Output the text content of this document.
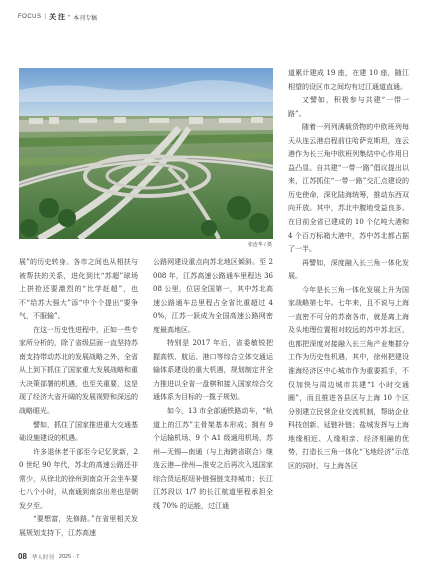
FOCUS | 关 注 • 本刊专稿
张连华 / 摄

展”的历史转身。各市之间也从相扶与被帮扶的关系，进化到比“苏超”球场上拼抢还要激烈的“比学赶超”，也不“给苏大强大”添“中个个提出“要争气，不服输”。

在这一历史性进程中，正如一些专家所分析的，除了省级层面一直坚持苏南支持带动苏北的发展战略之外，全省从上到下抓住了国家重大发展战略和重大决策部署的机遇，也至关重要，这是现了经济大省开阔的发展视野和深远的战略眼光。

譬如，抓住了国家推进重大交通基础设施建设的机遇。

许多退休老干部至今记忆犹新，20 世纪 90 年代，苏北的高速公路还非常少，从徐北的徐州到南京开会坐车要七八个小时，从南通到南京出差也是朝发夕至。

“要想富，先修路。”在省里相关发展规划支持下，江苏高速

公路网建设重点向苏北地区倾斜。至 2008 年，江苏高速公路通车里程达 3608 公里，位居全国第一，其中苏北高速公路通车总里程占全省比重超过 40%，江苏一跃成为全国高速公路网密度最高地区。

特别是 2017 年后，省委敏锐把握高铁、航运、港口等综合立体交通运输体系建设的重大机遇，规划制定并全力推进以全省一盘棋和接入国家综合交通体系为目标的一揽子规划。

如今，13 市全部通铁路动车，“轨道上的江苏”主骨架基本形成；拥有 9 个运输机场、9 个 A1 级通用机场，苏州—无锡—南通（与上海跨省联合）继连云港—徐州—淮安之后再次入选国家综合货运枢纽补链强链支持城市；长江江苏段以 1/7 的长江航道里程承担全线 70% 的运能，过江通

道累计建成 19 座，在建 10 座，随江相望的设区市之间均有过江通道直通。

又譬如，积极参与共建“一带一路”。

随着一列列满载货物的中欧班列每天从连云港启程前往哈萨克斯坦，连云港作为长三角中欧班列集结中心作用日益凸显。自共建“一带一路”倡议提出以来，江苏抓住“一带一路”交汇点建设的历史使命，深化陆海统筹，推动东西双向开放。其中，苏北中腹地受益良多。在目前全省已建成的 10 个亿吨大港和 4 个百万标箱大港中，苏中苏北都占据了一半。

再譬如，深度融入长三角一体化发展。

今年是长三角一体化发展上升为国家战略第七年。七年来，且不说与上海一直密不可分的苏南各市，就是离上海及头地理位置相对较远的苏中苏北区，也都把深度对接融入长三角产业集群分工作为历史性机遇，其中，徐州把建设淮海经济区中心城市作为重要抓手，不仅加快与周边城市共建“1 小时交通圈”，而且推进各县区与上海 10 个区分别建立民营企业交流机制，帮助企业科技创新、延链补链；盐城发挥与上海地缘相近、人缘相亲、经济相融的优势，打造长三角一体化“飞地经济”示范区的同时，与上海各区

08 华人时刊 2025 · 7
